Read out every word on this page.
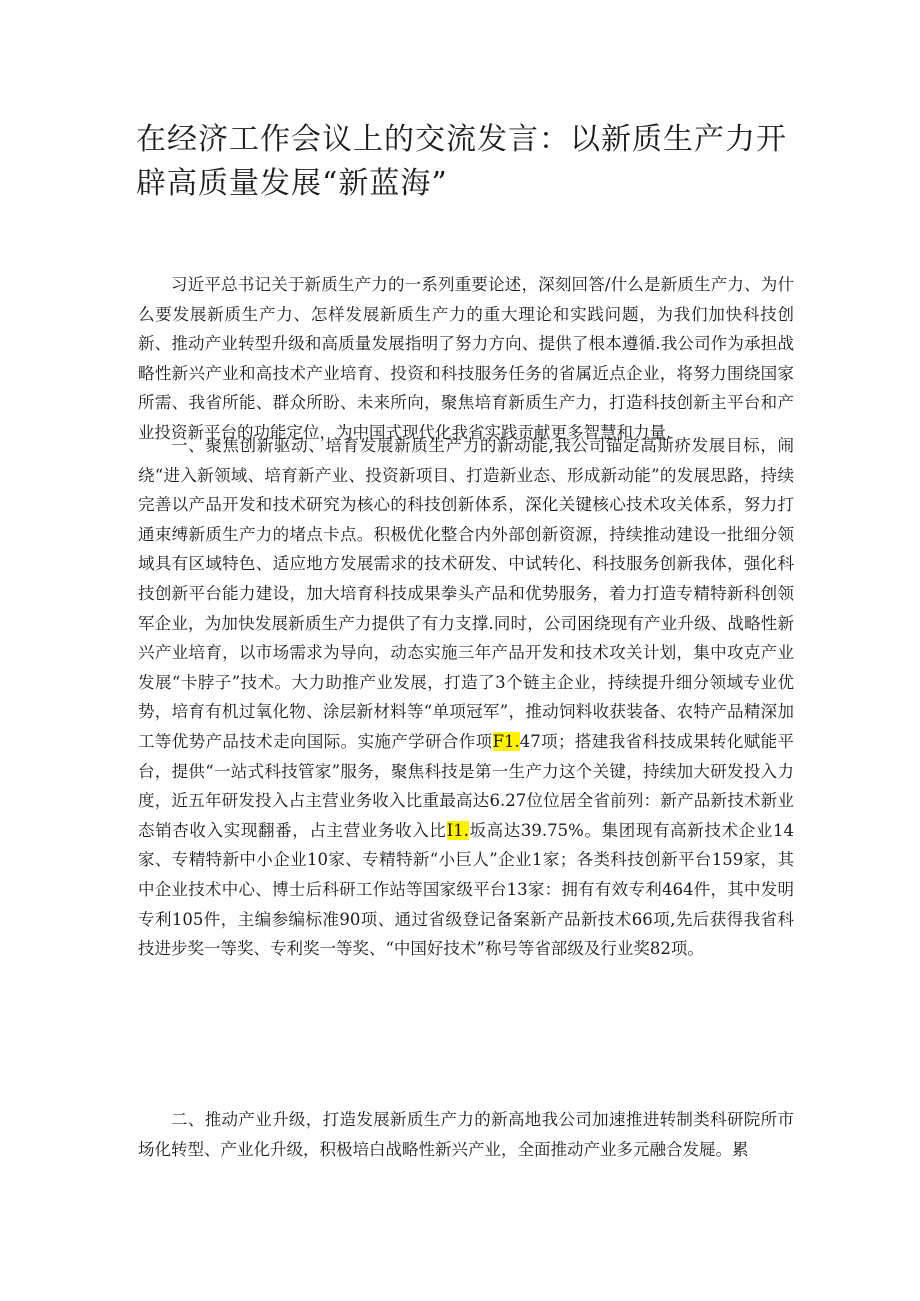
在经济工作会议上的交流发言：以新质生产力开辟高质量发展“新蓝海”

习近平总书记关于新质生产力的一系列重要论述，深刻回答/什么是新质生产力、为什么要发展新质生产力、怎样发展新质生产力的重大理论和实践问题，为我们加快科技创新、推动产业转型升级和高质量发展指明了努力方向、提供了根本遵循.我公司作为承担战略性新兴产业和高技术产业培育、投资和科技服务任务的省属近点企业，将努力围绕国家所需、我省所能、群众所盼、未来所向，聚焦培育新质生产力，打造科技创新主平台和产业投资新平台的功能定位，为中国式现代化我省实践贡献更多智慧和力量.

一、聚焦创新驱动、培育发展新质生产力的新动能,我公司锚定高斯疥发展目标，闹绕“进入新领域、培育新产业、投资新项目、打造新业态、形成新动能”的发展思路，持续完善以产品开发和技术研究为核心的科技创新体系，深化关键核心技术攻关体系，努力打通束缚新质生产力的堵点卡点。积极优化整合内外部创新资源，持续推动建设一批细分领域具有区域特色、适应地方发展需求的技术研发、中试转化、科技服务创新我体，强化科技创新平台能力建设，加大培育科技成果拳头产品和优势服务，着力打造专精特新科创领军企业，为加快发展新质生产力提供了有力支撑.同时，公司困绕现有产业升级、战略性新兴产业培育，以市场需求为导向，动态实施三年产品开发和技术攻关计划，集中攻克产业发展“卡脖子”技术。大力助推产业发展，打造了3个链主企业，持续提升细分领域专业优势，培育有机过氧化物、涂层新材料等“单项冠军”，推动饲料收获装备、农特产品精深加工等优势产品技术走向国际。实施产学研合作项F1.47项；搭建我省科技成果转化赋能平台，提供“一站式科技管家”服务，聚焦科技是第一生产力这个关键，持续加大研发投入力度，近五年研发投入占主营业务收入比重最高达6.27位位居全省前列：新产品新技术新业态销杏收入实现翻番，占主营业务收入比I1.坂高达39.75%。集团现有高新技术企业14家、专精特新中小企业10家、专精特新“小巨人”企业1家；各类科技创新平台159家，其中企业技术中心、博士后科研工作站等国家级平台13家：拥有有效专利464件，其中发明专利105件，主编参编标准90项、通过省级登记备案新产品新技术66项,先后获得我省科技进步奖一等奖、专利奖一等奖、“中国好技术”称号等省部级及行业奖82项。

二、推动产业升级，打造发展新质生产力的新高地我公司加速推进转制类科研院所市场化转型、产业化升级，积极培白战略性新兴产业，全面推动产业多元融合发屣。累
